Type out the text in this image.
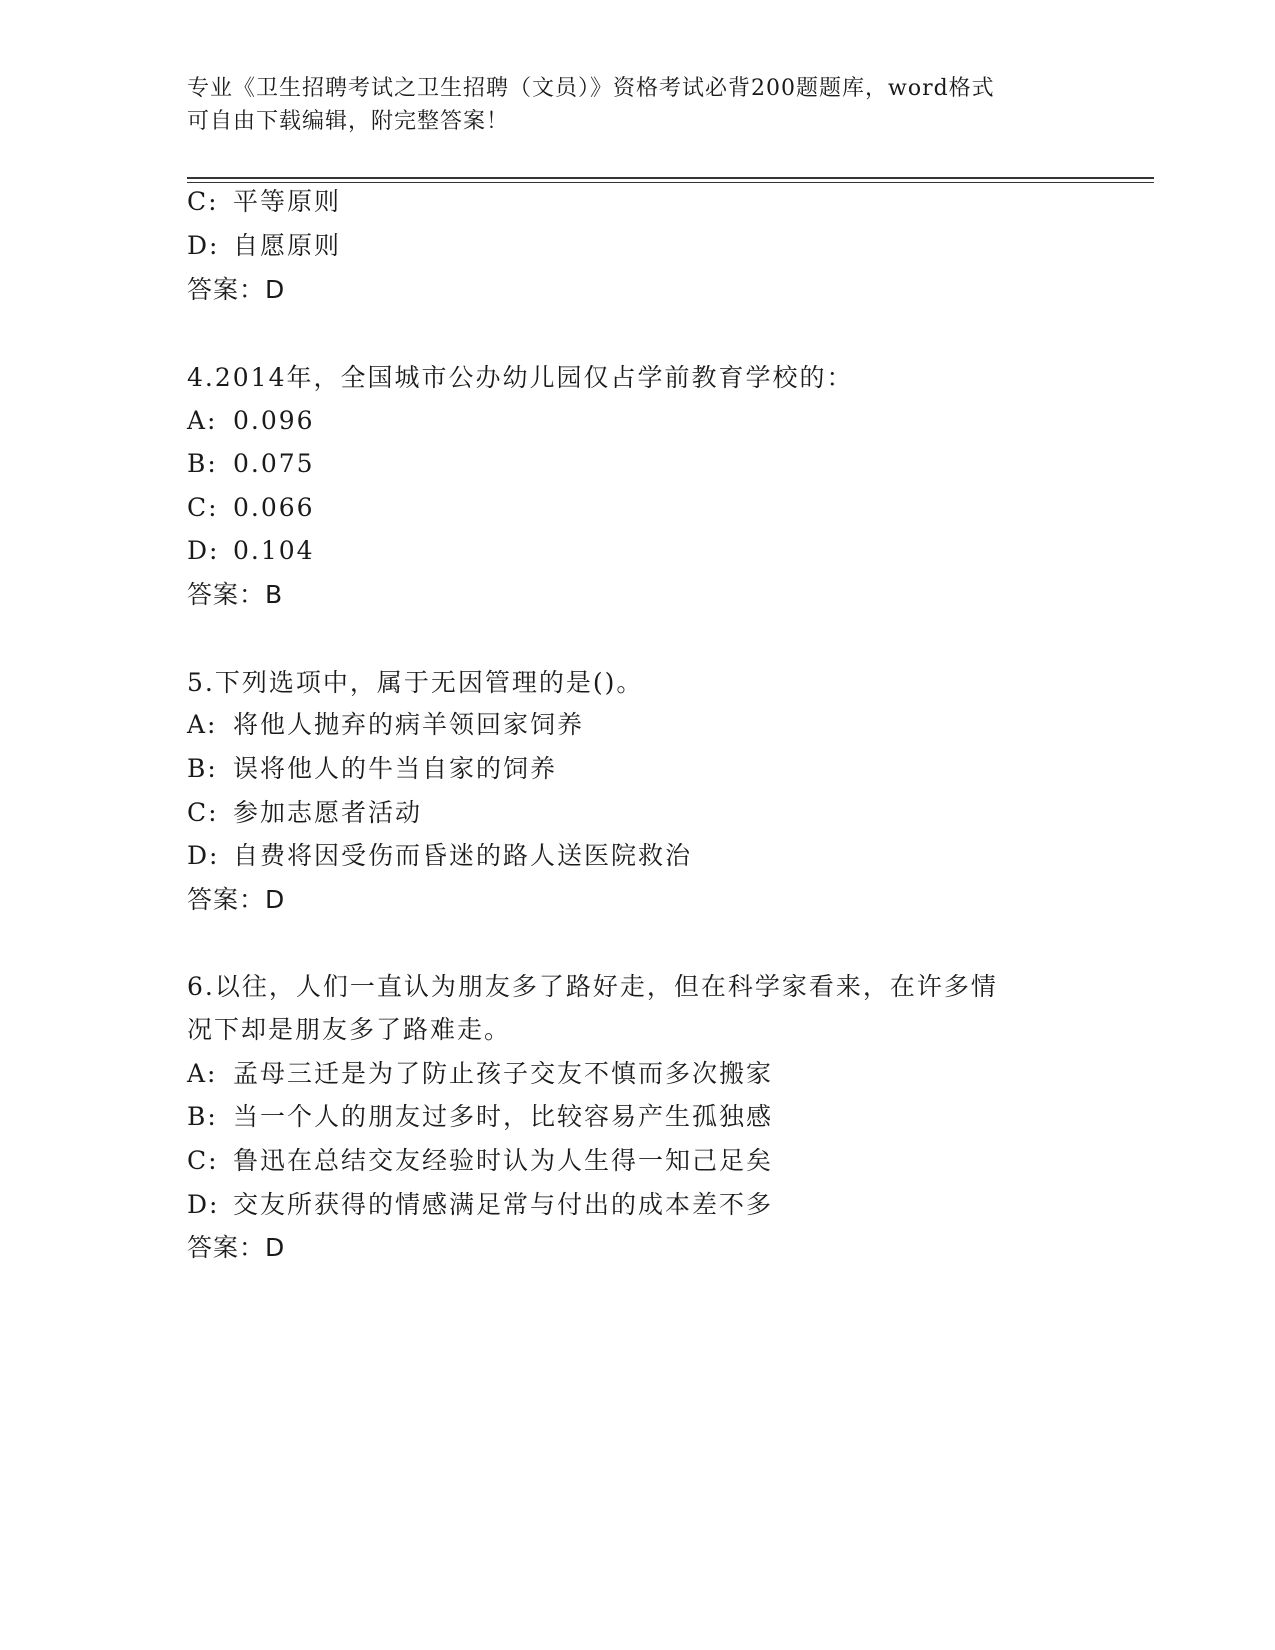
专业《卫生招聘考试之卫生招聘（文员）》资格考试必背200题题库，word格式
可自由下载编辑，附完整答案！
C: 平等原则
D: 自愿原则
答案：D
4.2014年，全国城市公办幼儿园仅占学前教育学校的：
A: 0.096
B: 0.075
C: 0.066
D: 0.104
答案：B
5.下列选项中，属于无因管理的是()。
A: 将他人抛弃的病羊领回家饲养
B: 误将他人的牛当自家的饲养
C: 参加志愿者活动
D: 自费将因受伤而昏迷的路人送医院救治
答案：D
6.以往，人们一直认为朋友多了路好走，但在科学家看来，在许多情
况下却是朋友多了路难走。
A: 孟母三迁是为了防止孩子交友不慎而多次搬家
B: 当一个人的朋友过多时，比较容易产生孤独感
C: 鲁迅在总结交友经验时认为人生得一知己足矣
D: 交友所获得的情感满足常与付出的成本差不多
答案：D
